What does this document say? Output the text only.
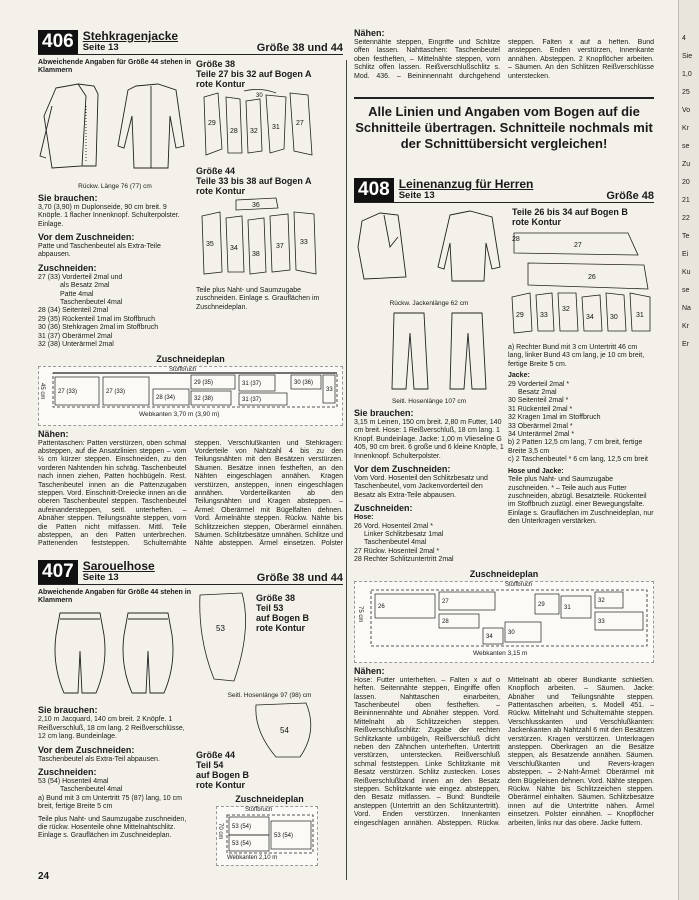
406 Stehkragenjacke
Seite 13	Größe 38 und 44

Abweichende Angaben für Größe 44 stehen in Klammern

Rückw. Länge 76 (77) cm

Sie brauchen:

3,70 (3,90) m Duplonseide, 90 cm breit. 9 Knöpfe. 1 flacher Innenknopf. Schulterpolster. Einlage.

Vor dem Zuschneiden:

Patte und Taschenbeutel als Extra-Teile abpausen.

Zuschneiden:

27 (33) Vorderteil 2mal und

als Besatz 2mal

Patte 4mal

Taschenbeutel 4mal

28 (34) Seitenteil 2mal

29 (35) Rückenteil 1mal im Stoffbruch

30 (36) Stehkragen 2mal im Stoffbruch

31 (37) Oberärmel 2mal

32 (38) Unterärmel 2mal

Größe 38

Teile 27 bis 32 auf Bogen A

rote Kontur

29
28 32
31
27
30

Größe 44

Teile 33 bis 38 auf Bogen A

rote Kontur

36
35
34
38
37
33

Teile plus Naht- und Saumzugabe zuschneiden. Einlage s. Grauflächen im Zuschneideplan.

Zuschneideplan

27 (33)	27 (33)
28 (34)
29 (35)
32 (38)
31 (37)
31 (37)
30 (36)
33
Stoffbruch
45 cm
Webkanten 3,70 m (3,90 m)
Nähen:

Pattentaschen: Patten verstürzen, oben schmal absteppen, auf die Ansatzlinien steppen – vom ½ cm kürzer steppen. Einschneiden, zu den vorderen Nahtenden hin schräg. Taschenbeutel nach innen ziehen, Patten hochbügeln. Rest. Taschenbeutel innen an die Pattenzugaben steppen. Vord. Einschnitt-Dreiecke innen an die oberen Taschenbeutel steppen. Taschenbeutel aufeinandersteppen, seitl. unterheften. – Abnäher steppen. Teilungsnähte steppen, vorn die Patten nicht mitfassen. Mittl. Teile absteppen, an den Patten unterbrechen. Pattenenden feststeppen. Schulternähte steppen. Verschlußkanten und Stehkragen: Vorderteile von Nahtzahl 4 bis zu den Teilungsnähten mit den Besätzen verstürzen. Säumen. Besätze innen festheften, an den Nähten eingeschlagen annähen. Kragen verstürzen, ansteppen, innen eingeschlagen annähen. Vorderteilkanten ab den Teilungsnähten und Kragen absteppen. – Ärmel: Oberärmel mit Bügelfalten dehnen. Vord. Ärmelnähte steppen. Rückw. Nähte bis Schlitzzeichen steppen, Oberärmel einnähen. Säumen. Schlitzbesätze umnähen. Schlitze und Nähte absteppen. Ärmel einsetzen. Polster

407 Sarouelhose
Seite 13	Größe 38 und 44

Abweichende Angaben für Größe 44 stehen in Klammern

Sie brauchen:

2,10 m Jacquard, 140 cm breit. 2 Knöpfe. 1 Reißverschluß, 18 cm lang. 2 Reißverschlüsse, 12 cm lang. Bundeinlage.

Vor dem Zuschneiden:

Taschenbeutel als Extra-Teil abpausen.

Zuschneiden:

53 (54) Hosenteil 4mal

Taschenbeutel 4mal

a) Bund mit 3 cm Untertritt 75 (87) lang, 10 cm breit, fertige Breite 5 cm

Teile plus Naht- und Saumzugabe zuschneiden, die rückw. Hosenteile ohne Mittelnahtschlitz. Einlage s. Grauflächen im Zuschneideplan.

53

Größe 38

Teil 53

auf Bogen B

rote Kontur

Seitl. Hosenlänge 97 (98) cm

54

Größe 44

Teil 54

auf Bogen B

rote Kontur

Zuschneideplan

53 (54)
53 (54)
53 (54)
Stoffbruch
70 cm
Webkanten 2,10 m
Nähen:

Seitennähte steppen, Eingriffe und Schlitze offen lassen. Nahttaschen: Taschenbeutel oben festheften, – Mittelnähte steppen, vorn Schlitz offen lassen. Reißverschlußschlitz s. Mod. 436. – Beininnennaht durchgehend steppen. Falten x auf a heften. Bund ansteppen. Enden verstürzen, Innenkante annähen. Absteppen. 2 Knopflöcher arbeiten. – Säumen. An den Schlitzen Reißverschlüsse unterstecken.

Alle Linien und Angaben vom Bogen auf die
Schnitteile übertragen. Schnitteile nochmals mit
der Schnittübersicht vergleichen!
408 Leinenanzug für Herren
Seite 13	Größe 48

Rückw. Jackenlänge 62 cm

Seitl. Hosenlänge 107 cm

Sie brauchen:

3,15 m Leinen, 150 cm breit. 2,80 m Futter, 140 cm breit. Hose: 1 Reißverschluß, 18 cm lang. 1 Knopf. Bundeinlage. Jacke: 1,00 m Vlieseline G 405, 90 cm breit. 6 große und 6 kleine Knöpfe, 1 Innenknopf. Schulterpolster.

Vor dem Zuschneiden:

Vom Vord. Hosenteil den Schlitzbesatz und Taschenbeutel, vom Jackenvorderteil den Besatz als Extra-Teile abpausen.

Zuschneiden:

Hose:

26 Vord. Hosenteil 2mal *

Linker Schlitzbesatz 1mal

Taschenbeutel 4mal

27 Rückw. Hosenteil 2mal *

28 Rechter Schlitzuntertritt 2mal

Teile 26 bis 34 auf Bogen B

rote Kontur

27
28
26
29 33
32
34 30	31

a) Rechter Bund mit 3 cm Untertritt 46 cm lang, linker Bund 43 cm lang, je 10 cm breit, fertige Breite 5 cm.

Jacke:

29 Vorderteil 2mal *

Besatz 2mal

30 Seitenteil 2mal *

31 Rückenteil 2mal *

32 Kragen 1mal im Stoffbruch

33 Oberärmel 2mal *

34 Unterärmel 2mal *

b) 2 Patten 12,5 cm lang, 7 cm breit, fertige Breite 3,5 cm

c) 2 Taschenbeutel * 6 cm lang, 12,5 cm breit

Hose und Jacke:

Teile plus Naht- und Saumzugabe zuschneiden. * – Teile auch aus Futter zuschneiden, abzügl. Besatzteile. Rückenteil im Stoffbruch zuzügl. einer Bewegungsfalte. Einlage s. Grauflächen im Zuschneideplan, nur den Unterkragen verstärken.

Zuschneideplan

26
27
28
29
30
31
32
33
34
Stoffbruch
75 cm
Webkanten 3,15 m
Nähen:

Hose: Futter unterheften. – Falten x auf o heften. Seitennähte steppen, Eingriffe offen lassen. Nahttaschen einarbeiten, Taschenbeutel oben festheften. – Beininnennähte und Abnäher steppen. Vord. Mittelnaht ab Schlitzzeichen steppen. Reißverschlußschlitz: Zugabe der rechten Schlitzkante umbügeln, Reißverschluß dicht neben den Zähnchen unterheften. Untertritt verstürzen, unterstecken. Reißverschluß schmal feststeppen. Linke Schlitzkante mit Besatz verstürzen. Schlitz zustecken. Loses Reißverschlußband innen an den Besatz steppen. Schlitzkante wie eingez. absteppen, den Besatz mitfassen. – Bund: Bundteile ansteppen (Untertritt an den Schlitzuntertritt). Vord. Enden verstürzen. Innenkanten eingeschlagen annähen. Absteppen. Rückw. Mittelnaht ab oberer Bundkante schließen. Knopfloch arbeiten. – Säumen. Jacke: Abnäher und Teilungsnähte steppen. Pattentaschen arbeiten, s. Modell 451. – Rückw. Mittelnaht und Schulternähte steppen. Verschlusskanten und Verschlußkanten: Jackenkanten ab Nahtzahl 6 mit den Besätzen verstürzen. Kragen verstürzen. Unterkragen ansteppen. Oberkragen an die Besätze steppen, als Besatzende annähen. Säumen. Verschlußkanten und Revers-kragen absteppen. – 2-Naht-Ärmel: Oberärmel mit dem Bügeleisen dehnen. Vord. Nähte steppen. Rückw. Nähte bis Schlitzzeichen steppen. Oberärmel einhalten. Säumen. Schlitzbesätze innen auf die Untertritte nähen. Ärmel einsetzen. Polster einnähen. – Knopflöcher arbeiten, links nur das obere. Jacke futtern.

24
4
Sie
1,0
25
Vo
Kr
se
Zu
20
21
22
Te
Ei
Ku
se
Na
Kr
Er
